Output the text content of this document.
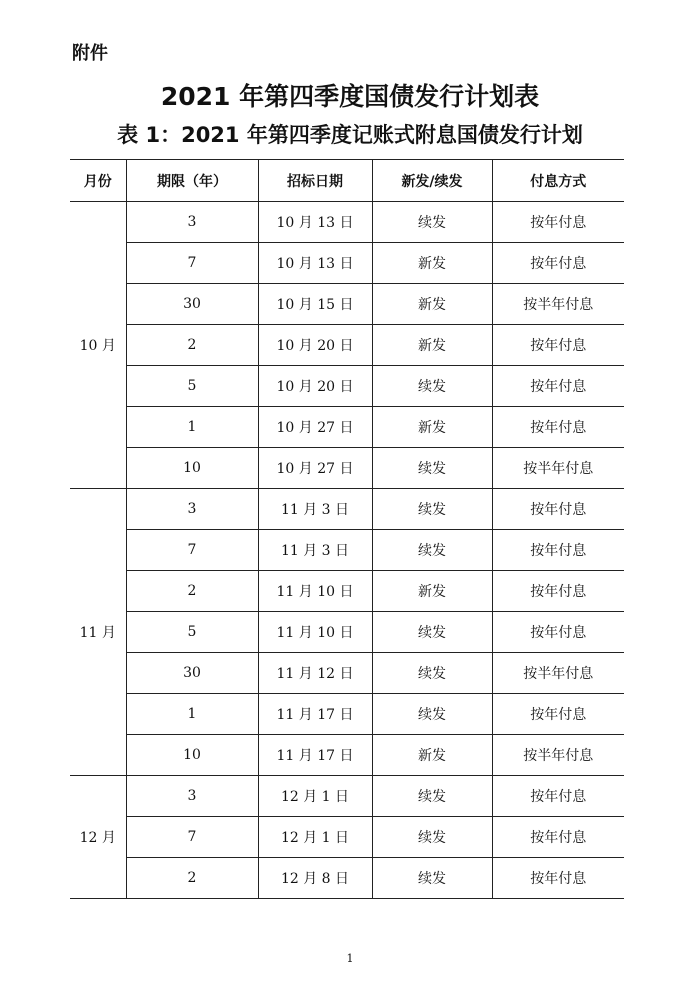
附件
2021 年第四季度国债发行计划表
表 1：2021 年第四季度记账式附息国债发行计划
月份	期限（年）	招标日期	新发/续发	付息方式
10 月	3	10 月 13 日	续发	按年付息
	7	10 月 13 日	新发	按年付息
	30	10 月 15 日	新发	按半年付息
	2	10 月 20 日	新发	按年付息
	5	10 月 20 日	续发	按年付息
	1	10 月 27 日	新发	按年付息
	10	10 月 27 日	续发	按半年付息
11 月	3	11 月 3 日	续发	按年付息
	7	11 月 3 日	续发	按年付息
	2	11 月 10 日	新发	按年付息
	5	11 月 10 日	续发	按年付息
	30	11 月 12 日	续发	按半年付息
	1	11 月 17 日	续发	按年付息
	10	11 月 17 日	新发	按半年付息
12 月	3	12 月 1 日	续发	按年付息
	7	12 月 1 日	续发	按年付息
	2	12 月 8 日	续发	按年付息
1
